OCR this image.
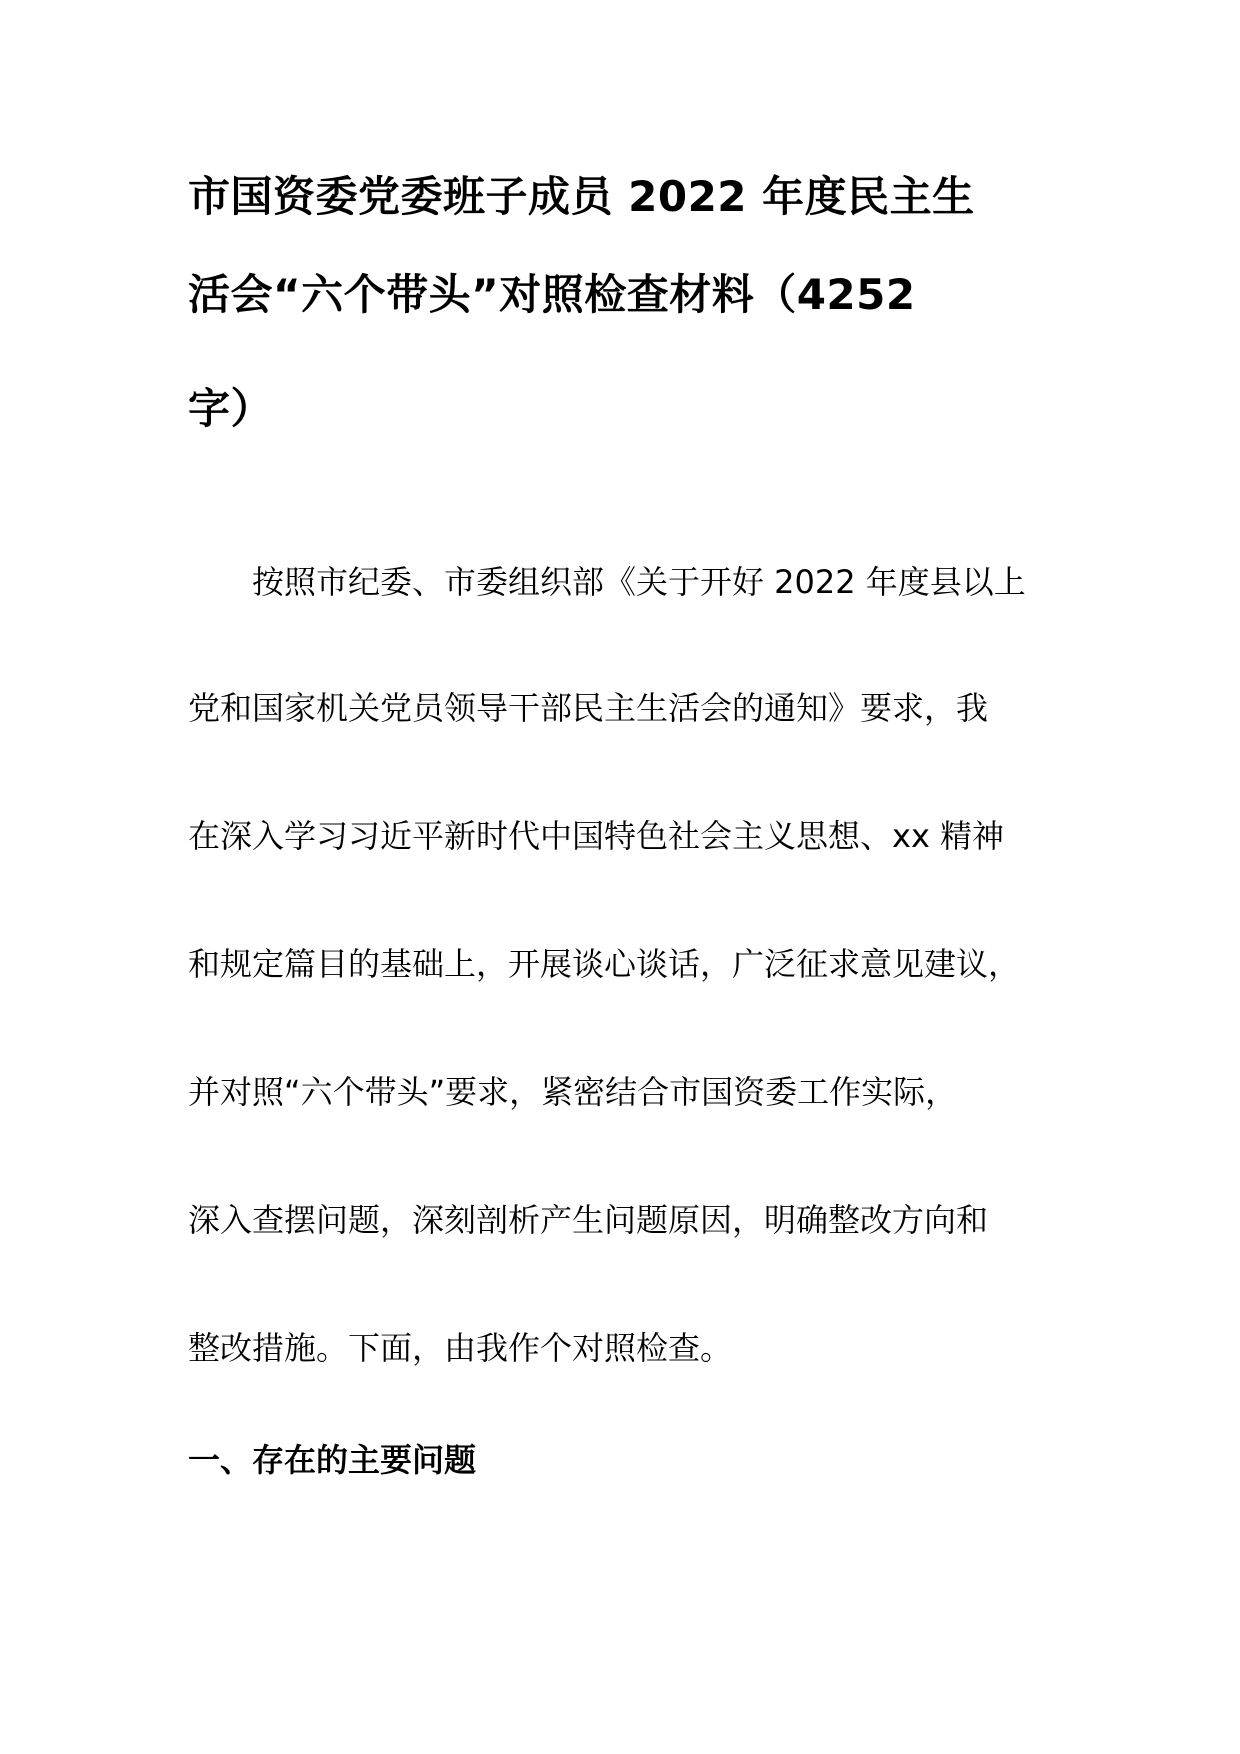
市国资委党委班子成员 2022 年度民主生
活会“六个带头”对照检查材料（4252
字）
按照市纪委、市委组织部《关于开好 2022 年度县以上
党和国家机关党员领导干部民主生活会的通知》要求，我
在深入学习习近平新时代中国特色社会主义思想、xx 精神
和规定篇目的基础上，开展谈心谈话，广泛征求意见建议，
并对照“六个带头”要求，紧密结合市国资委工作实际，
深入查摆问题，深刻剖析产生问题原因，明确整改方向和
整改措施。下面，由我作个对照检查。
一、存在的主要问题
